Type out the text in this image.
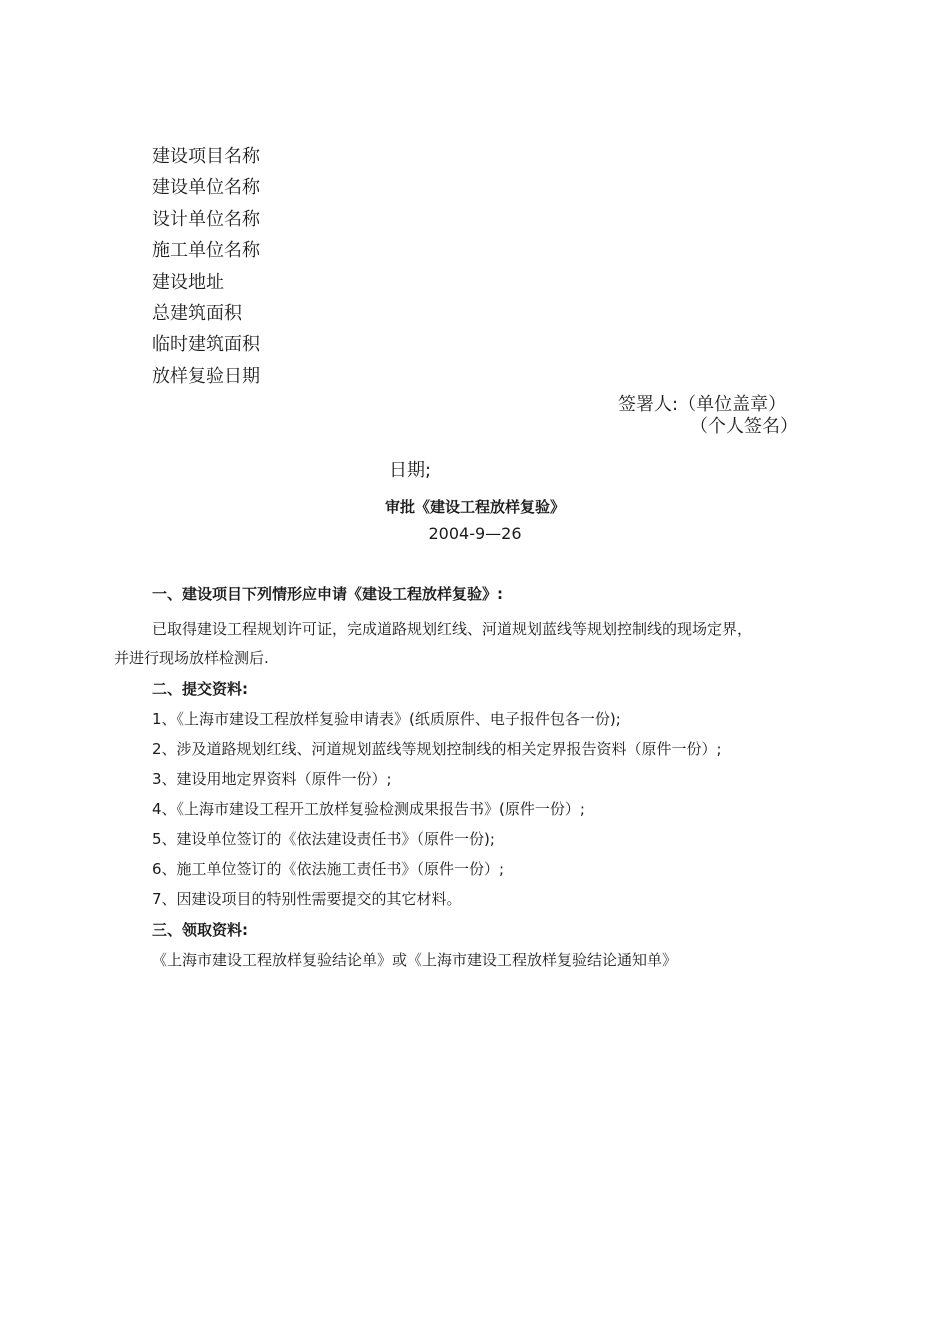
建设项目名称
建设单位名称
设计单位名称
施工单位名称
建设地址
总建筑面积
临时建筑面积
放样复验日期
签署人:（单位盖章）
（个人签名）
日期;
审批《建设工程放样复验》
2004-9—26

一、建设项目下列情形应申请《建设工程放样复验》:

已取得建设工程规划许可证，完成道路规划红线、河道规划蓝线等规划控制线的现场定界，

并进行现场放样检测后.

二、提交资料:

1、《上海市建设工程放样复验申请表》(纸质原件、电子报件包各一份);

2、涉及道路规划红线、河道规划蓝线等规划控制线的相关定界报告资料（原件一份）;

3、建设用地定界资料（原件一份）;

4、《上海市建设工程开工放样复验检测成果报告书》(原件一份）;

5、建设单位签订的《依法建设责任书》（原件一份);

6、施工单位签订的《依法施工责任书》（原件一份）;

7、因建设项目的特别性需要提交的其它材料。

三、领取资料:

《上海市建设工程放样复验结论单》或《上海市建设工程放样复验结论通知单》
